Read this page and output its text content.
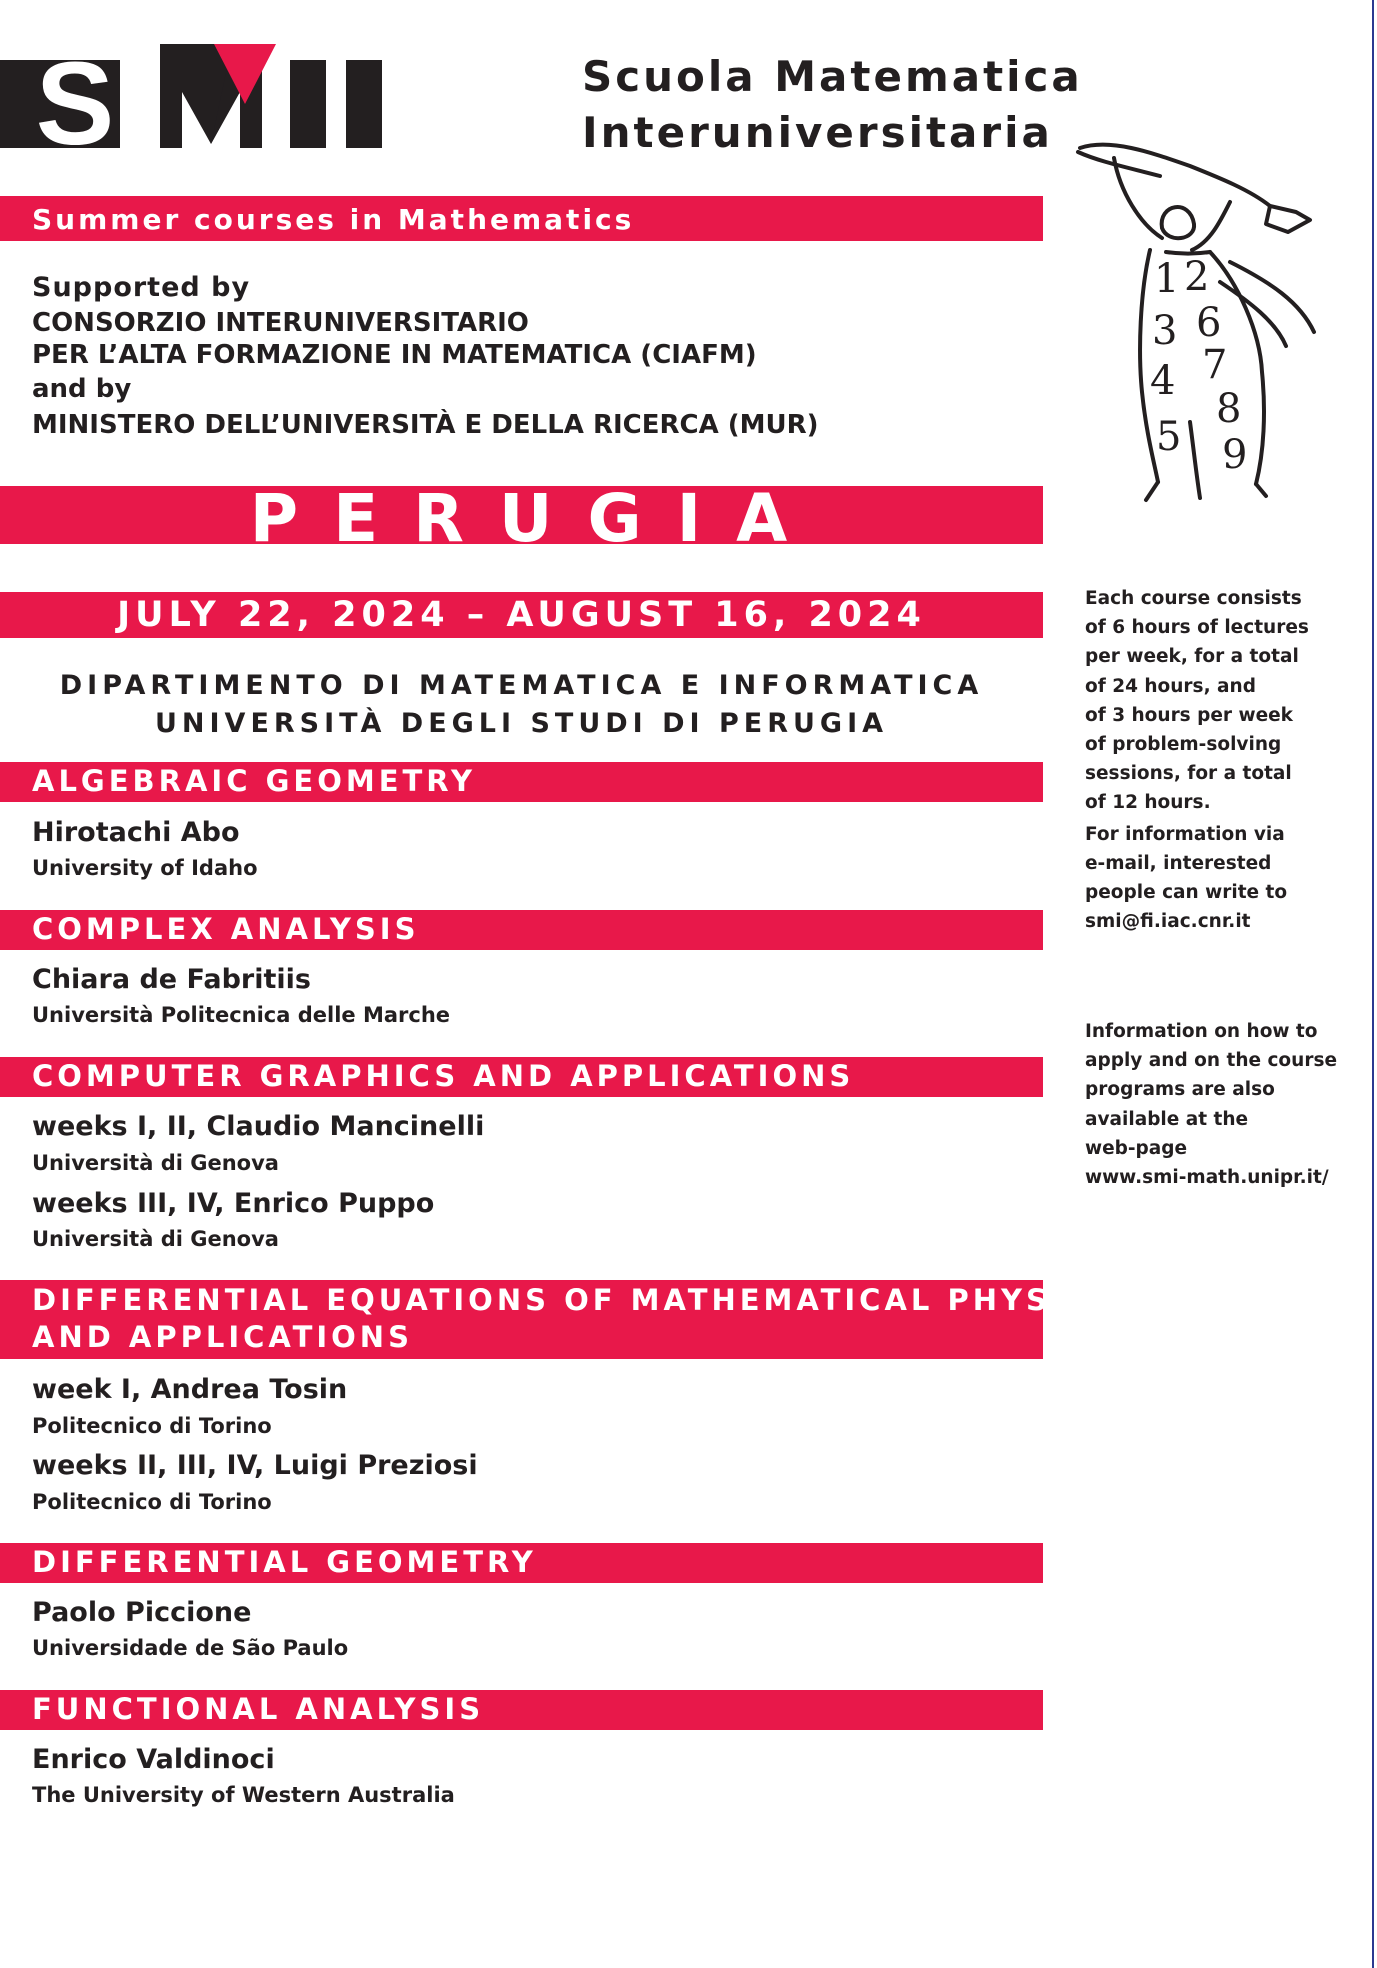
S	Scuola Matematica
Interuniversitaria
Summer courses in Mathematics
Supported by
CONSORZIO INTERUNIVERSITARIO
PER L’ALTA FORMAZIONE IN MATEMATICA (CIAFM)
and by
MINISTERO DELL’UNIVERSITÀ E DELLA RICERCA (MUR)
P E R U G I A
JULY 22, 2024 – AUGUST 16, 2024
DIPARTIMENTO DI MATEMATICA E INFORMATICA
UNIVERSITÀ DEGLI STUDI DI PERUGIA
ALGEBRAIC GEOMETRY
Hirotachi Abo
University of Idaho
COMPLEX ANALYSIS
Chiara de Fabritiis
Università Politecnica delle Marche
COMPUTER GRAPHICS AND APPLICATIONS
weeks I, II, Claudio Mancinelli
Università di Genova
weeks III, IV, Enrico Puppo
Università di Genova
DIFFERENTIAL EQUATIONS OF MATHEMATICAL PHYSICS
AND APPLICATIONS
week I, Andrea Tosin
Politecnico di Torino
weeks II, III, IV, Luigi Preziosi
Politecnico di Torino
DIFFERENTIAL GEOMETRY
Paolo Piccione
Universidade de São Paulo
FUNCTIONAL ANALYSIS
Enrico Valdinoci
The University of Western Australia
1 2
3 6
4 7
8
5 9
Each course consists
of 6 hours of lectures
per week, for a total
of 24 hours, and
of 3 hours per week
of problem-solving
sessions, for a total
of 12 hours.
For information via
e-mail, interested
people can write to
smi@fi.iac.cnr.it
Information on how to
apply and on the course
programs are also
available at the
web-page
www.smi-math.unipr.it/
